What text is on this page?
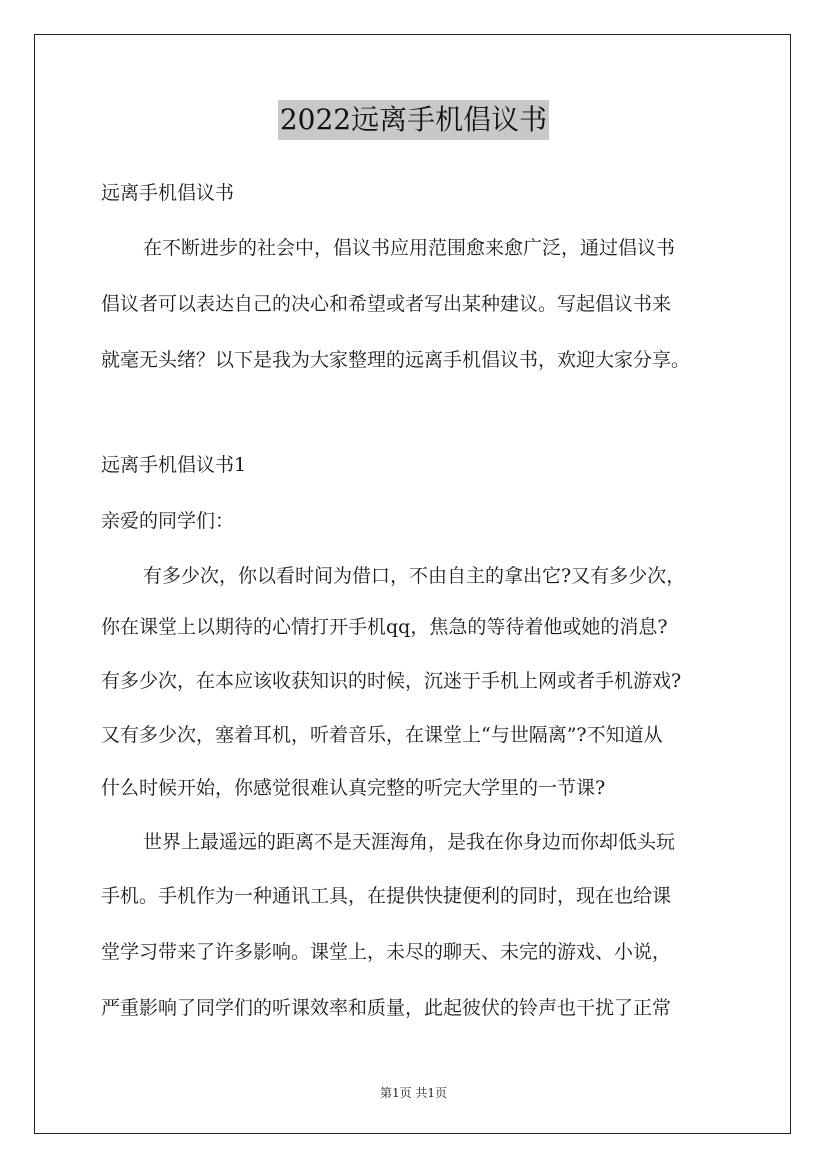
2022远离手机倡议书
远离手机倡议书
在不断进步的社会中，倡议书应用范围愈来愈广泛，通过倡议书
倡议者可以表达自己的决心和希望或者写出某种建议。写起倡议书来
就毫无头绪？以下是我为大家整理的远离手机倡议书，欢迎大家分享。
远离手机倡议书1
亲爱的同学们：
有多少次，你以看时间为借口，不由自主的拿出它?又有多少次，
你在课堂上以期待的心情打开手机qq，焦急的等待着他或她的消息?
有多少次，在本应该收获知识的时候，沉迷于手机上网或者手机游戏?
又有多少次，塞着耳机，听着音乐，在课堂上“与世隔离”?不知道从
什么时候开始，你感觉很难认真完整的听完大学里的一节课?
世界上最遥远的距离不是天涯海角，是我在你身边而你却低头玩
手机。手机作为一种通讯工具，在提供快捷便利的同时，现在也给课
堂学习带来了许多影响。课堂上，未尽的聊天、未完的游戏、小说，
严重影响了同学们的听课效率和质量，此起彼伏的铃声也干扰了正常
第1页 共1页
